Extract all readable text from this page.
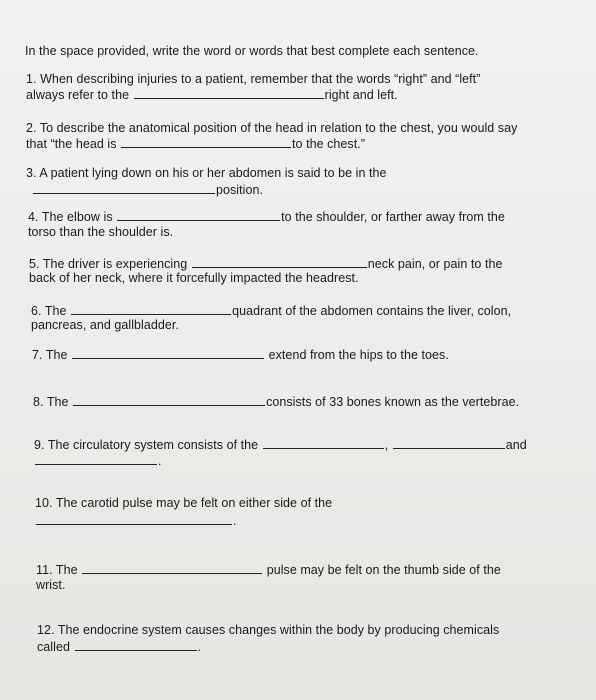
In the space provided, write the word or words that best complete each sentence.
1. When describing injuries to a patient, remember that the words “right” and “left”
always refer to the	right and left.
2. To describe the anatomical position of the head in relation to the chest, you would say
that “the head is	to the chest.”
3. A patient lying down on his or her abdomen is said to be in the
position.
4. The elbow is	to the shoulder, or farther away from the
torso than the shoulder is.
5. The driver is experiencing	neck pain, or pain to the
back of her neck, where it forcefully impacted the headrest.
6. The	quadrant of the abdomen contains the liver, colon,
pancreas, and gallbladder.
7. The	extend from the hips to the toes.
8. The	consists of 33 bones known as the vertebrae.
9. The circulatory system consists of the	,	and
.
10. The carotid pulse may be felt on either side of the
.
11. The	pulse may be felt on the thumb side of the
wrist.
12. The endocrine system causes changes within the body by producing chemicals
called	.
